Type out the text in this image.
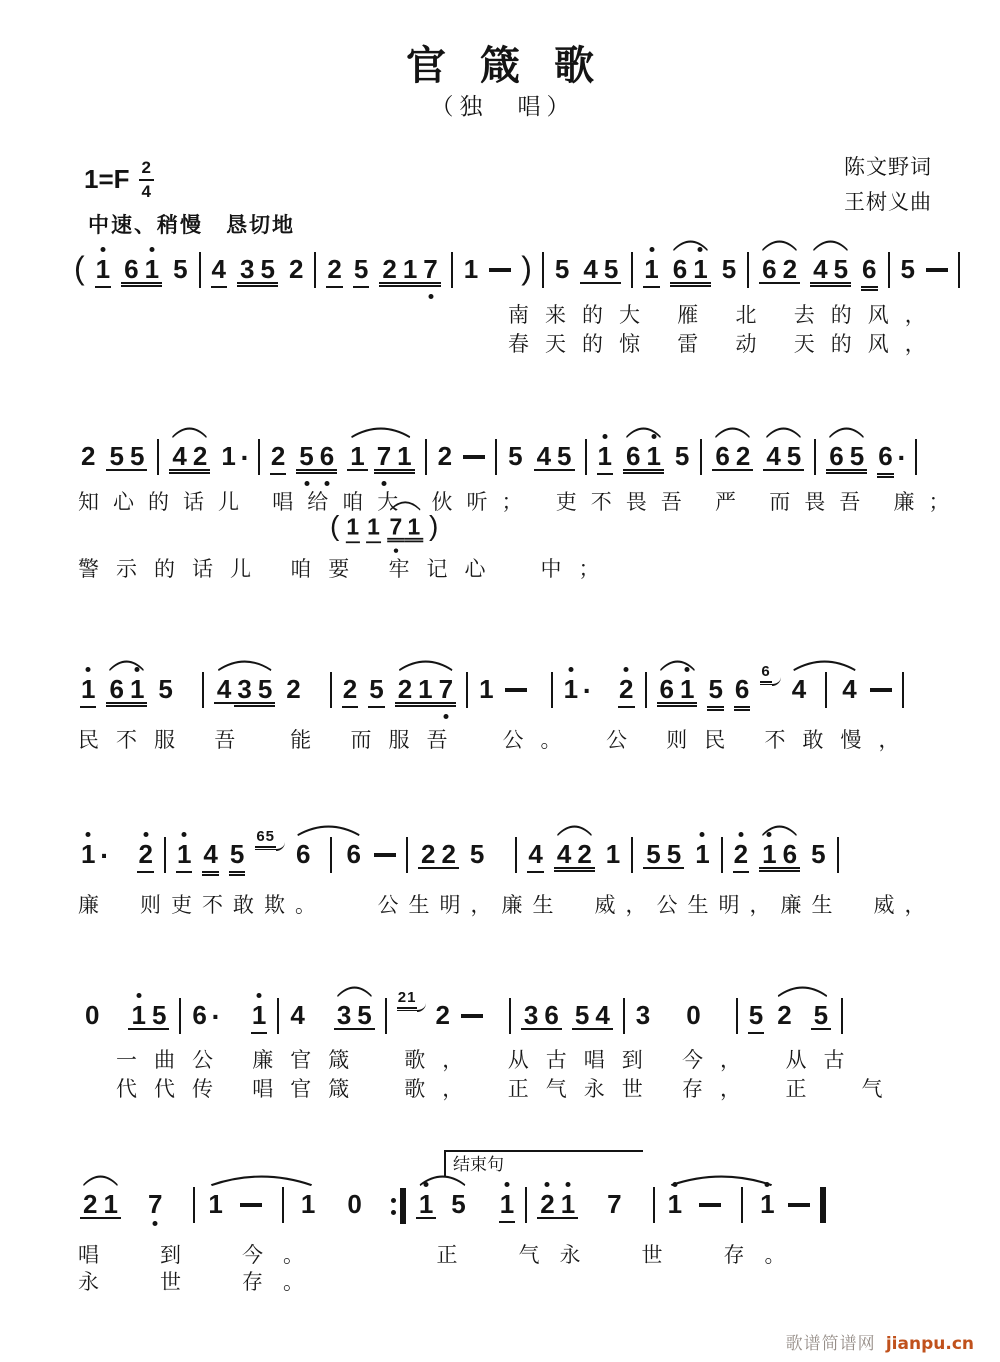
官箴歌
（独　唱）
$1=F \frac{2}{4}$
中速、稍慢　恳切地
陈文野词
王树义曲
歌谱简谱网 jianpu.cn
( 1 6 1 5 4 3 5 2 2 5 2 1 7 1 ) 5 4 5 1 6 1 5 6 2 4 5 6 5
南来的大 雁 北 去的风，
春天的惊 雷 动 天的风，
2 5 5 4 2 1 · 2 5 6 1 7 1 2 5 4 5 1 6 1 5 6 2 4 5 6 5 6 ·
( 1 1 7 1 )
知心的话儿 唱给咱大 伙听； 吏不畏吾 严 而畏吾 廉；
警示的话儿 咱要 牢记心　中；
1 6 1 5 4 3 5 2 2 5 2 1 7 1	1 · 2 6 1 5 6
6
4 4
民不服 吾　能 而服吾　公。　公 则民 不敢慢，
1 · 2 1 4 5
65
6 6 2 2 5 4 4 2 1 5 5 1 2 1 6 5
廉　则吏不敢欺。　　公生明，廉生　威，公生明，廉生　威，
0 1 5 6 · 1 4 3 5
21
2	3 6 5 4 3 0 5 2 5
一曲公 廉官箴　歌，　从古唱到 今，　从古
代代传 唱官箴　歌，　正气永世 存，　正　气
2 1 7 1	1 0 1 5 1 2 1 7 1	1
唱　到　今。　　　正　气永　世　存。
永　世　存。
结束句
